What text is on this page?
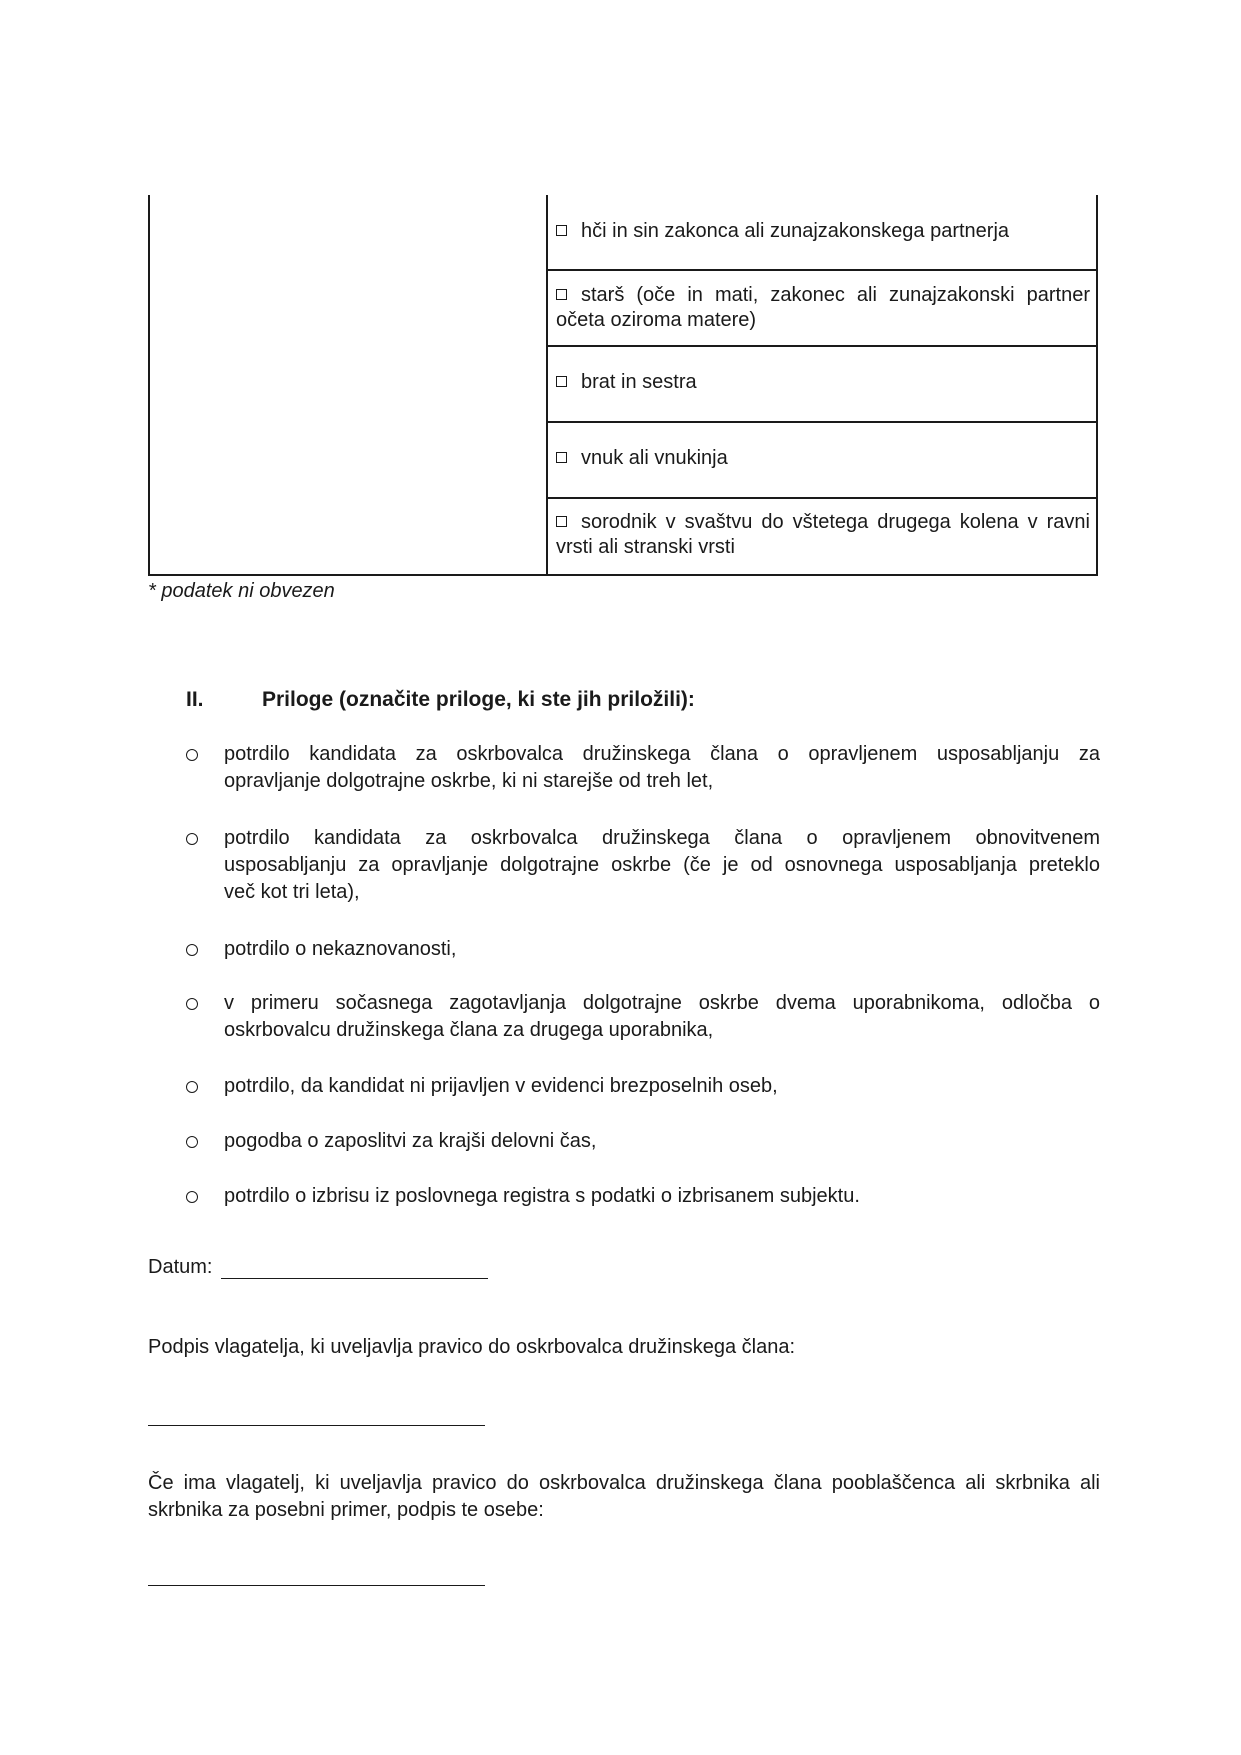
hči in sin zakonca ali zunajzakonskega partnerja
starš (oče in mati, zakonec ali zunajzakonski partner
očeta oziroma matere)
brat in sestra
vnuk ali vnukinja
sorodnik v svaštvu do vštetega drugega kolena v ravni
vrsti ali stranski vrsti
* podatek ni obvezen
II.	Priloge (označite priloge, ki ste jih priložili):
potrdilo kandidata za oskrbovalca družinskega člana o opravljenem usposabljanju za
opravljanje dolgotrajne oskrbe, ki ni starejše od treh let,
potrdilo kandidata za oskrbovalca družinskega člana o opravljenem obnovitvenem
usposabljanju za opravljanje dolgotrajne oskrbe (če je od osnovnega usposabljanja preteklo
več kot tri leta),
potrdilo o nekaznovanosti,
v primeru sočasnega zagotavljanja dolgotrajne oskrbe dvema uporabnikoma, odločba o
oskrbovalcu družinskega člana za drugega uporabnika,
potrdilo, da kandidat ni prijavljen v evidenci brezposelnih oseb,
pogodba o zaposlitvi za krajši delovni čas,
potrdilo o izbrisu iz poslovnega registra s podatki o izbrisanem subjektu.
Datum:
Podpis vlagatelja, ki uveljavlja pravico do oskrbovalca družinskega člana:
Če ima vlagatelj, ki uveljavlja pravico do oskrbovalca družinskega člana pooblaščenca ali skrbnika ali
skrbnika za posebni primer, podpis te osebe:
